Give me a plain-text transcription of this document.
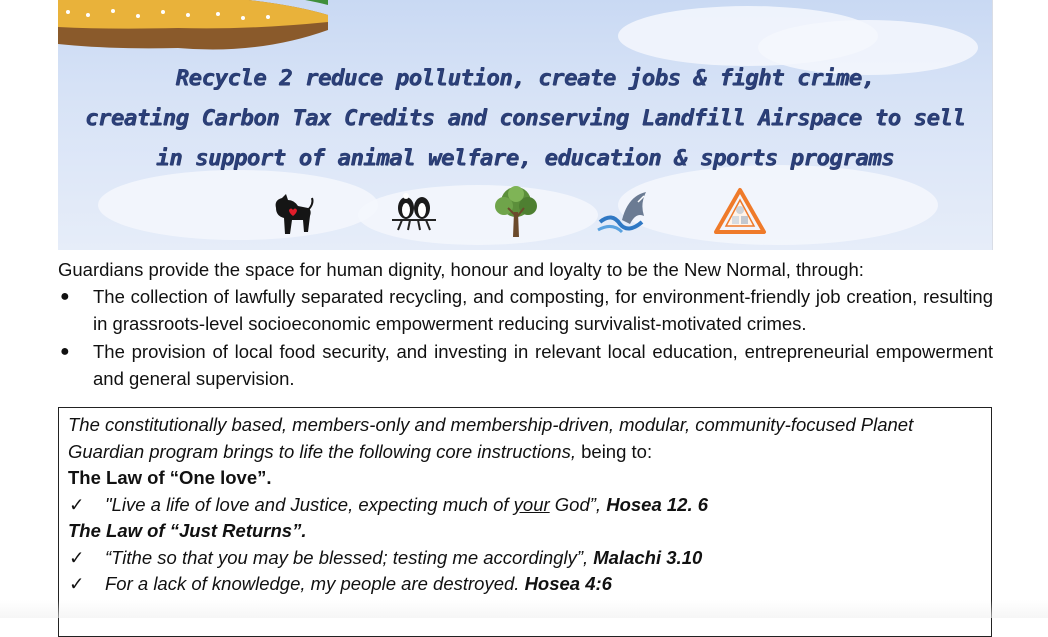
Recycle 2 reduce pollution, create jobs & fight crime,
creating Carbon Tax Credits and conserving Landfill Airspace to sell
in support of animal welfare, education & sports programs

Guardians provide the space for human dignity, honour and loyalty to be the New Normal, through:

● The collection of lawfully separated recycling, and composting, for environment-friendly job creation, resulting in grassroots-level socioeconomic empowerment reducing survivalist-motivated crimes.
● The provision of local food security, and investing in relevant local education, entrepreneurial empowerment and general supervision.
The constitutionally based, members-only and membership-driven, modular, community-focused Planet Guardian program brings to life the following core instructions, being to:
The Law of “One love”.
✓ "Live a life of love and Justice, expecting much of your God”, Hosea 12. 6
The Law of “Just Returns”.
✓ “Tithe so that you may be blessed; testing me accordingly”, Malachi 3.10
✓ For a lack of knowledge, my people are destroyed. Hosea 4:6
